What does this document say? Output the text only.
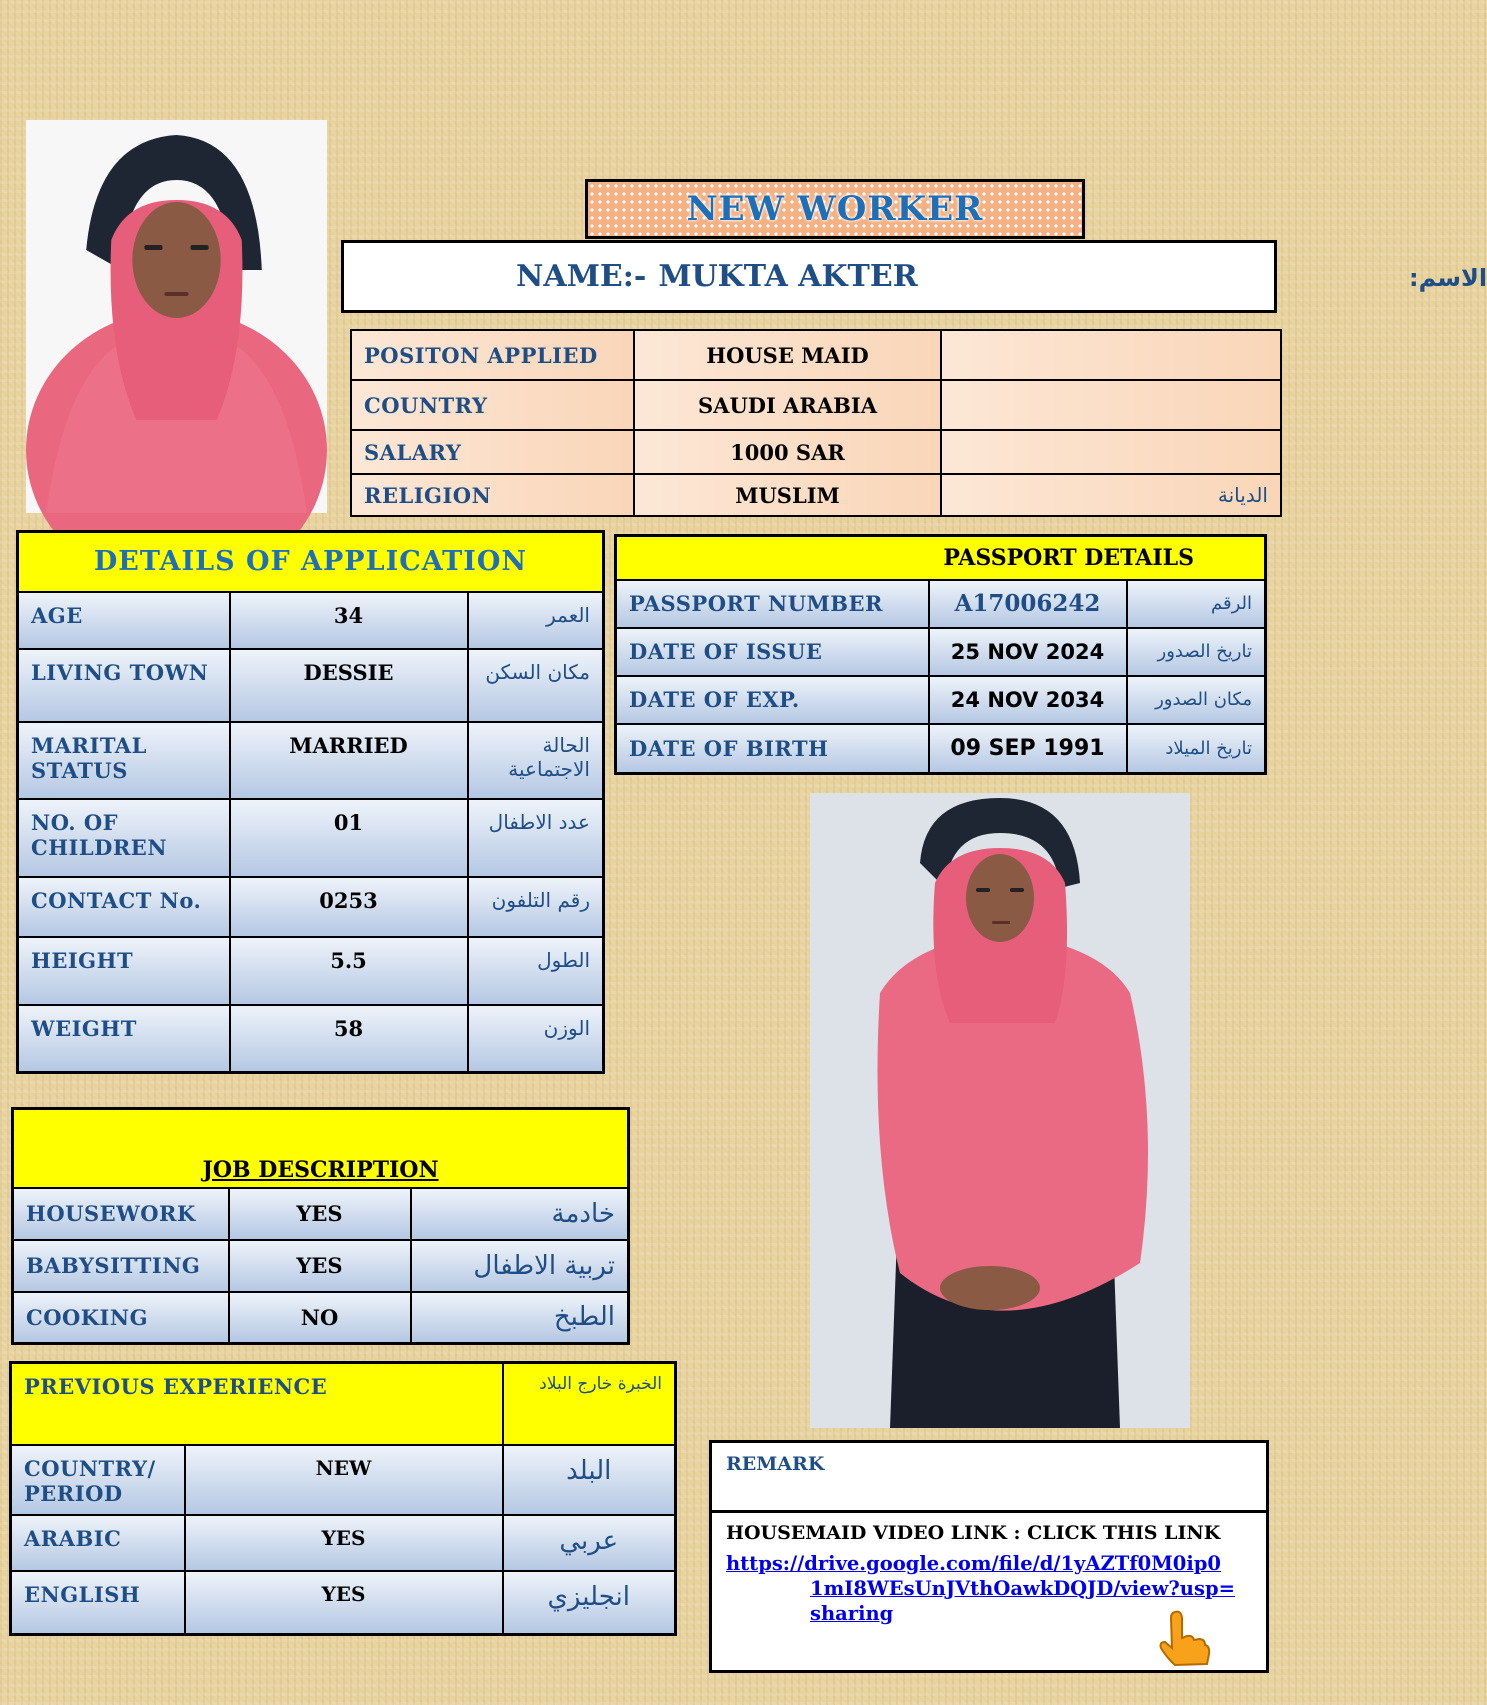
NEW WORKER
NAME:- MUKTA AKTER	الاسم:
POSITON APPLIED	HOUSE MAID	
COUNTRY	SAUDI ARABIA	
SALARY	1000 SAR	
RELIGION	MUSLIM	الديانة
DETAILS OF APPLICATION		
AGE	34	العمر
LIVING TOWN	DESSIE	مكان السكن
MARITAL STATUS	MARRIED	الحالة الاجتماعية
NO. OF CHILDREN	01	عدد الاطفال
CONTACT No.	0253	رقم التلفون
HEIGHT	5.5	الطول
WEIGHT	58	الوزن
PASSPORT DETAILS		
PASSPORT NUMBER	A17006242	الرقم
DATE OF ISSUE	25 NOV 2024	تاريخ الصدور
DATE OF EXP.	24 NOV 2034	مكان الصدور
DATE OF BIRTH	09 SEP 1991	تاريخ الميلاد
JOB DESCRIPTION		
HOUSEWORK	YES	خادمة
BABYSITTING	YES	تربية الاطفال
COOKING	NO	الطبخ
PREVIOUS EXPERIENCE		الخبرة خارج البلاد
COUNTRY/ PERIOD	NEW	البلد
ARABIC	YES	عربي
ENGLISH	YES	انجليزي
REMARK
HOUSEMAID VIDEO LINK : CLICK THIS LINK
https://drive.google.com/file/d/1yAZTf0M0ip0
1mI8WEsUnJVthOawkDQJD/view?usp=
sharing
